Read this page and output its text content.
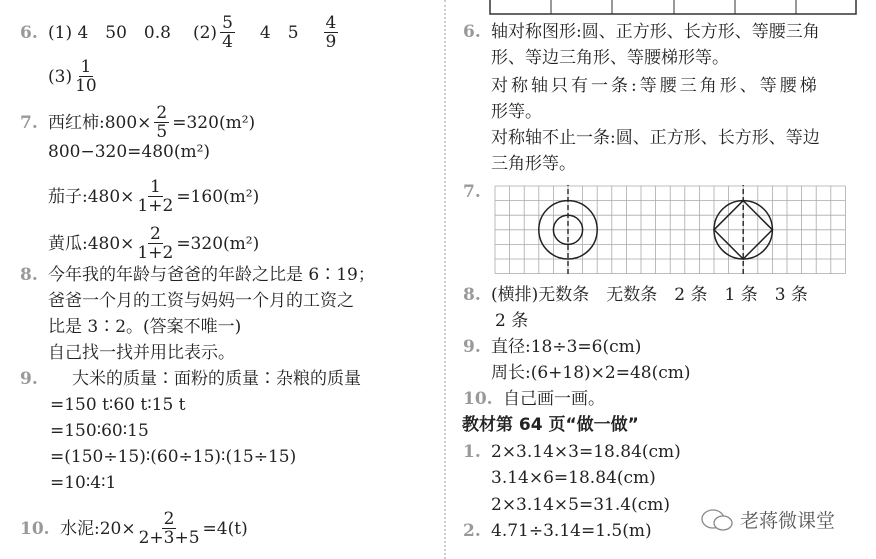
6. (1) 4　50　0.8 (2) 5
4 4　5 4
9
(3) 1
10
7. 西红柿:800× $\frac{2}{5} =320(m^2)$
800−320=480(m²)
茄子:480× $\frac{1}{1+2} =160(m^2)$
黄瓜:480× $\frac{2}{1+2} =320(m^2)$
8. 今年我的年龄与爸爸的年龄之比是 6∶19；
爸爸一个月的工资与妈妈一个月的工资之
比是 3∶2。(答案不唯一)
自己找一找并用比表示。
9.	大米的质量∶面粉的质量∶杂粮的质量
=150 t∶60 t∶15 t
=150∶60∶15
=(150÷15)∶(60÷15)∶(15÷15)
=10∶4∶1
10. 水泥:20× $\frac{2}{2+3+5} =4(t)$
6. 轴对称图形:圆、正方形、长方形、等腰三角
形、等边三角形、等腰梯形等。
对称轴只有一条:等腰三角形、等腰梯
形等。
对称轴不止一条:圆、正方形、长方形、等边
三角形等。
7.
8. (横排)无数条　无数条　2 条　1 条　3 条
2 条
9. 直径:18÷3=6(cm)
周长:(6+18)×2=48(cm)
10. 自己画一画。
教材第 64 页“做一做”
1. 2×3.14×3=18.84(cm)
3.14×6=18.84(cm)
2×3.14×5=31.4(cm)
2. 4.71÷3.14=1.5(m)	老蒋微课堂
